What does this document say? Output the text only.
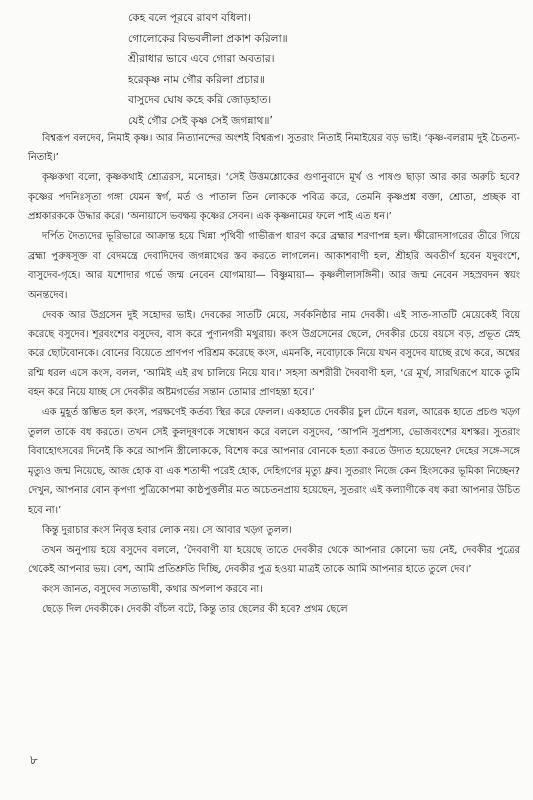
কেহ বলে পূরবে রাবণ বধিলা।
গোলোকের বিভবলীলা প্রকাশ করিলা॥
শ্রীরাধার ভাবে এবে গোরা অবতার।
হরেকৃষ্ণ নাম গৌর করিলা প্রচার॥
বাসুদেব ঘোষ কহে করি জোড়হাত।
যেই গৌর সেই কৃষ্ণ সেই জগন্নাথ॥’

বিশ্বরূপ বলদেব, নিমাই কৃষ্ণ। আর নিত্যানন্দের অংশই বিশ্বরূপ। সুতরাং নিতাই নিমাইয়ের বড় ভাই। ‘কৃষ্ণ-বলরাম দুই চৈতন্য-নিতাই।’

কৃষ্ণকথা বলো, কৃষ্ণকথাই শ্রোত্ররস, মনোহর। ‘সেই উত্তমশ্লোকের গুণানুবাদে মূর্খ ও পাষণ্ড ছাড়া আর কার অরুচি হবে? কৃষ্ণের পদনিঃসৃতা গঙ্গা যেমন স্বর্গ, মর্ত ও পাতাল তিন লোককে পবিত্র করে, তেমনি কৃষ্ণপ্রশ্ন বক্তা, শ্রোতা, প্রচ্ছক বা প্রশ্নকারককে উদ্ধার করে। ‘অনায়াসে ভবক্ষয় কৃষ্ণের সেবন। এক কৃষ্ণনামের ফলে পাই এত ধন।’

দর্পিত দৈত্যদের ভূরিভারে আক্রান্ত হয়ে খিন্না পৃথিবী গাভীরূপ ধারণ করে ব্রহ্মার শরণাপন্ন হল। ক্ষীরোদসাগরের তীরে গিয়ে ব্রহ্মা পুরুষসূক্ত বা বেদমন্ত্রে দেবাদিদেব জগন্নাথের স্তব করতে লাগলেন। আকাশবাণী হল, শ্রীহরি অবতীর্ণ হবেন যদুবংশে, বাসুদেব-গৃহে। আর যশোদার গর্ভে জন্ম নেবেন যোগমায়া— বিষ্ণুমায়া— কৃষ্ণলীলাসঙ্গিনী। আর জন্ম নেবেন সহস্রবদন স্বয়ং অনন্তদেব।

দেবক আর উগ্রসেন দুই সহোদর ভাই। দেবকের সাতটি মেয়ে, সর্বকনিষ্ঠার নাম দেবকী। এই সাত-সাতটি মেয়েকেই বিয়ে করেছে বসুদেব। শূরবংশের বসুদেব, বাস করে পুণ্যনগরী মথুরায়। কংস উগ্রসেনের ছেলে, দেবকীর চেয়ে বয়সে বড়, প্রভূত স্নেহ করে ছোটবোনকে। বোনের বিয়েতে প্রাণপণ পরিশ্রম করেছে কংস, এমনকি, নবোঢ়াকে নিয়ে যখন বসুদেব যাচ্ছে রথে করে, অশ্বের রশ্মি ধরল এসে কংস, বলল, ‘আমিই এই রথ চালিয়ে নিয়ে যাব।’ সহসা অশরীরী দৈববাণী হল, ‘রে মূর্খ, সারথিরূপে যাকে তুমি বহন করে নিয়ে যাচ্ছ সে দেবকীর অষ্টমগর্ভের সন্তান তোমার প্রাণহন্তা হবে।’

এক মুহূর্ত স্তম্ভিত হল কংস, পরক্ষণেই কর্তব্য স্থির করে ফেলল। একহাতে দেবকীর চুল টেনে ধরল, আরেক হাতে প্রচণ্ড খড়্গ তুলল তাকে বধ করতে। তখন সেই কুলদূষণকে সম্বোধন করে বললে বসুদেব, ‘আপনি সুপ্রশস্য, ভোজবংশের যশস্কর। সুতরাং বিবাহোৎসবের দিনেই কি করে আপনি স্ত্রীলোককে, বিশেষ করে আপনার বোনকে হত্যা করতে উদ্যত হয়েছেন? দেহের সঙ্গে-সঙ্গে মৃত্যুও জন্ম নিয়েছে, আজ হোক বা এক শতাব্দী পরেই হোক, দেহিগণের মৃত্যু ধ্রুব। সুতরাং নিজে কেন হিংসকের ভূমিকা নিচ্ছেন? দেখুন, আপনার বোন কৃপণা পুত্রিকোপমা কাষ্ঠপুত্তলীর মত অচেতনপ্রায় হয়েছেন, সুতরাং এই কল্যাণীকে বধ করা আপনার উচিত হবে না।’

কিন্তু দুরাচার কংস নিবৃত্ত হবার লোক নয়। সে আবার খড়্গ তুলল।

তখন অনুপায় হয়ে বসুদেব বললে, ‘দৈববাণী যা হয়েছে তাতে দেবকীর থেকে আপনার কোনো ভয় নেই, দেবকীর পুত্রের থেকেই আপনার ভয়। বেশ, আমি প্রতিশ্রুতি দিচ্ছি, দেবকীর পুত্র হওয়া মাত্রই তাকে আমি আপনার হাতে তুলে দেব।’

কংস জানত, বসুদেব সত্যভাষী, কথার অপলাপ করবে না।

ছেড়ে দিল দেবকীকে। দেবকী বাঁচল বটে, কিন্তু তার ছেলের কী হবে? প্রথম ছেলে

৮
